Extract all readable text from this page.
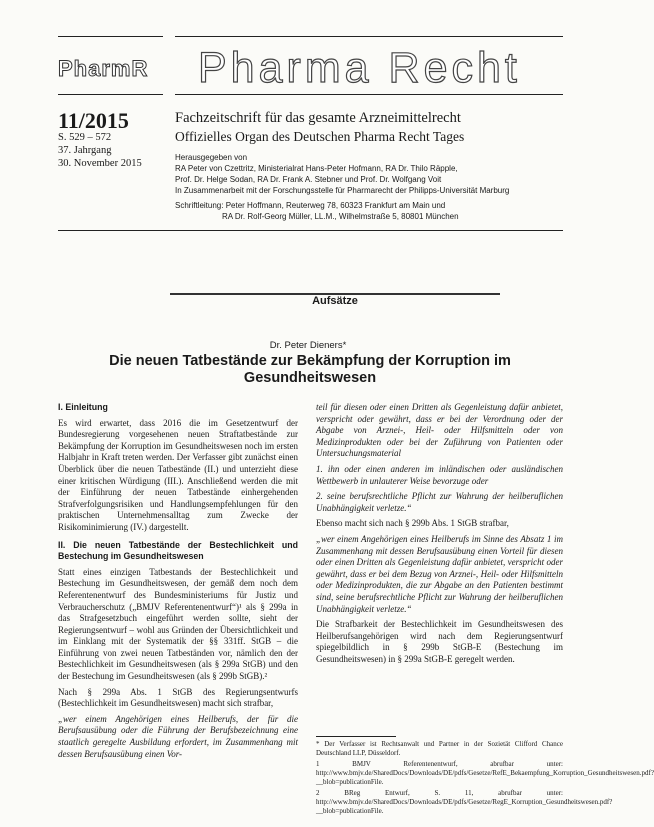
PharmR Pharma Recht
11/2015
S. 529 – 572
37. Jahrgang
30. November 2015
Fachzeitschrift für das gesamte Arzneimittelrecht
Offizielles Organ des Deutschen Pharma Recht Tages
Herausgegeben von
RA Peter von Czettritz, Ministerialrat Hans-Peter Hofmann, RA Dr. Thilo Räpple,
Prof. Dr. Helge Sodan, RA Dr. Frank A. Stebner und Prof. Dr. Wolfgang Voit
In Zusammenarbeit mit der Forschungsstelle für Pharmarecht der Philipps-Universität Marburg
Schriftleitung: Peter Hoffmann, Reuterweg 78, 60323 Frankfurt am Main und
RA Dr. Rolf-Georg Müller, LL.M., Wilhelmstraße 5, 80801 München
Aufsätze
Dr. Peter Dieners*
Die neuen Tatbestände zur Bekämpfung der Korruption im
Gesundheitswesen
I. Einleitung

Es wird erwartet, dass 2016 die im Gesetzentwurf der Bundesregierung vorgesehenen neuen Straftatbestände zur Bekämpfung der Korruption im Gesundheitswesen noch im ersten Halbjahr in Kraft treten werden. Der Verfasser gibt zunächst einen Überblick über die neuen Tatbestände (II.) und unterzieht diese einer kritischen Würdigung (III.). Anschließend werden die mit der Einführung der neuen Tatbestände einhergehenden Strafverfolgungsrisiken und Handlungsempfehlungen für den praktischen Unternehmensalltag zum Zwecke der Risikominimierung (IV.) dargestellt.

II. Die neuen Tatbestände der Bestechlichkeit und Bestechung im Gesundheitswesen

Statt eines einzigen Tatbestands der Bestechlichkeit und Bestechung im Gesundheitswesen, der gemäß dem noch dem Referentenentwurf des Bundesministeriums für Justiz und Verbraucherschutz („BMJV Referentenentwurf“)¹ als § 299a in das Strafgesetzbuch eingeführt werden sollte, sieht der Regierungsentwurf – wohl aus Gründen der Übersichtlichkeit und im Einklang mit der Systematik der §§ 331ff. StGB – die Einführung von zwei neuen Tatbeständen vor, nämlich den der Bestechlichkeit im Gesundheitswesen (als § 299a StGB) und den der Bestechung im Gesundheitswesen (als § 299b StGB).²

Nach § 299a Abs. 1 StGB des Regierungsentwurfs (Bestechlichkeit im Gesundheitswesen) macht sich strafbar,

„wer einem Angehörigen eines Heilberufs, der für die Berufsausübung oder die Führung der Berufsbezeichnung eine staatlich geregelte Ausbildung erfordert, im Zusammenhang mit dessen Berufsausübung einen Vor-

teil für diesen oder einen Dritten als Gegenleistung dafür anbietet, verspricht oder gewährt, dass er bei der Verordnung oder der Abgabe von Arznei-, Heil- oder Hilfsmitteln oder von Medizinprodukten oder bei der Zuführung von Patienten oder Untersuchungsmaterial

1. ihn oder einen anderen im inländischen oder ausländischen Wettbewerb in unlauterer Weise bevorzuge oder

2. seine berufsrechtliche Pflicht zur Wahrung der heilberuflichen Unabhängigkeit verletze.“

Ebenso macht sich nach § 299b Abs. 1 StGB strafbar,

„wer einem Angehörigen eines Heilberufs im Sinne des Absatz 1 im Zusammenhang mit dessen Berufsausübung einen Vorteil für diesen oder einen Dritten als Gegenleistung dafür anbietet, verspricht oder gewährt, dass er bei dem Bezug von Arznei-, Heil- oder Hilfsmitteln oder Medizinprodukten, die zur Abgabe an den Patienten bestimmt sind, seine berufsrechtliche Pflicht zur Wahrung der heilberuflichen Unabhängigkeit verletze.“

Die Strafbarkeit der Bestechlichkeit im Gesundheitswesen des Heilberufsangehörigen wird nach dem Regierungsentwurf spiegelbildlich in § 299b StGB-E (Bestechung im Gesundheitswesen) in § 299a StGB-E geregelt werden.

* Der Verfasser ist Rechtsanwalt und Partner in der Sozietät Clifford Chance Deutschland LLP, Düsseldorf.
1 BMJV Referentenentwurf, abrufbar unter: http://www.bmjv.de/SharedDocs/Downloads/DE/pdfs/Gesetze/RefE_Bekaempfung_Korruption_Gesundheitswesen.pdf?__blob=publicationFile.
2 BReg Entwurf, S. 11, abrufbar unter: http://www.bmjv.de/SharedDocs/Downloads/DE/pdfs/Gesetze/RegE_Korruption_Gesundheitswesen.pdf?__blob=publicationFile.
